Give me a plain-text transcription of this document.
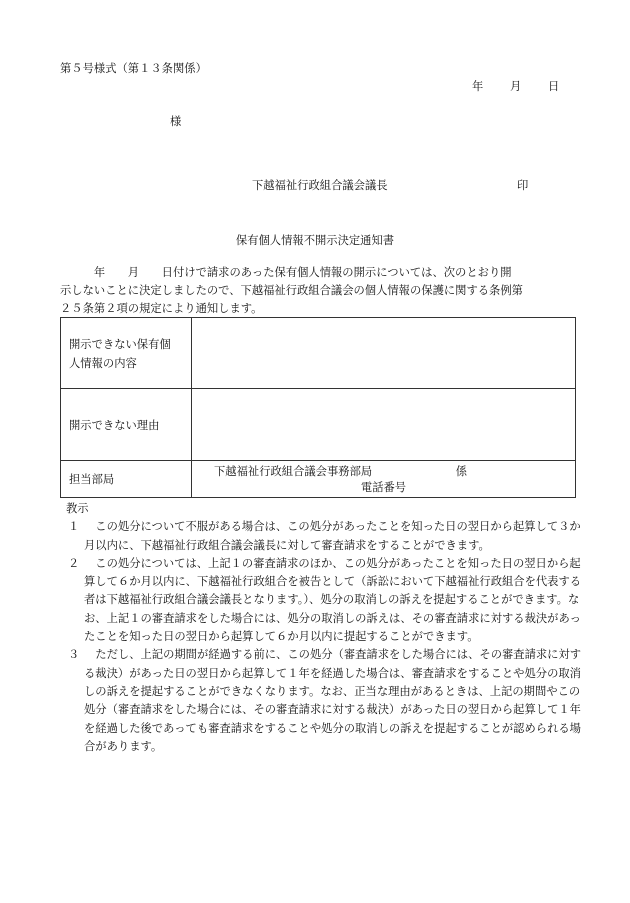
第５号様式（第１３条関係）
年 月 日
様
下越福祉行政組合議会議長	印
保有個人情報不開示決定通知書

　　　年　　月　　日付けで請求のあった保有個人情報の開示については、次のとおり開

示しないことに決定しましたので、下越福祉行政組合議会の個人情報の保護に関する条例第

２５条第２項の規定により通知します。

開示できない保有個
人情報の内容	

開示できない理由	
担当部局	下越福祉行政組合議会事務部局 係
電話番号

教示

１ 　この処分について不服がある場合は、この処分があったことを知った日の翌日から起算して３か月以内に、下越福祉行政組合議会議長に対して審査請求をすることができます。
２ 　この処分については、上記１の審査請求のほか、この処分があったことを知った日の翌日から起算して６か月以内に、下越福祉行政組合を被告として（訴訟において下越福祉行政組合を代表する者は下越福祉行政組合議会議長となります。）、処分の取消しの訴えを提起することができます。なお、上記１の審査請求をした場合には、処分の取消しの訴えは、その審査請求に対する裁決があったことを知った日の翌日から起算して６か月以内に提起することができます。
３ 　ただし、上記の期間が経過する前に、この処分（審査請求をした場合には、その審査請求に対する裁決）があった日の翌日から起算して１年を経過した場合は、審査請求をすることや処分の取消しの訴えを提起することができなくなります。なお、正当な理由があるときは、上記の期間やこの処分（審査請求をした場合には、その審査請求に対する裁決）があった日の翌日から起算して１年を経過した後であっても審査請求をすることや処分の取消しの訴えを提起することが認められる場合があります。
